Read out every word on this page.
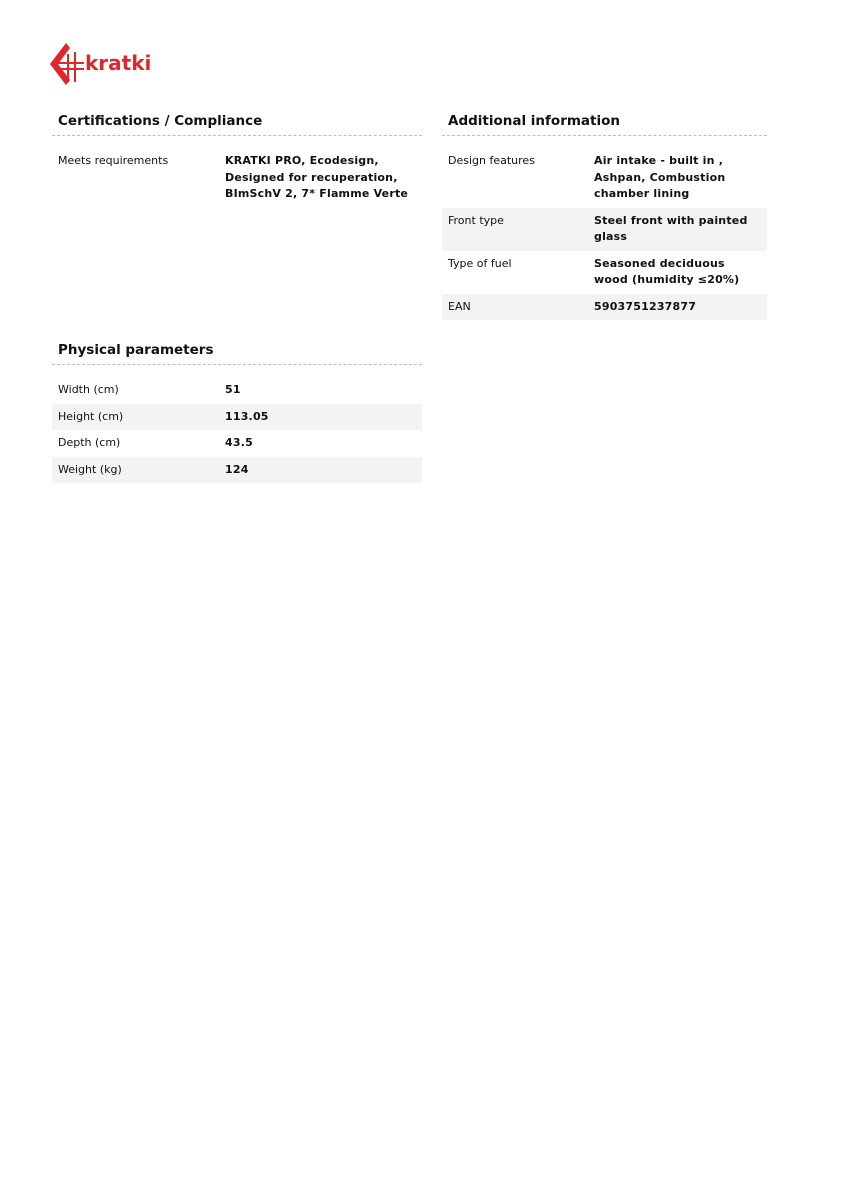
kratki
Certifications / Compliance
Meets requirements	KRATKI PRO, Ecodesign, Designed for recuperation, BImSchV 2, 7* Flamme Verte
Additional information
Design features	Air intake - built in , Ashpan, Combustion chamber lining
Front type	Steel front with painted glass
Type of fuel	Seasoned deciduous wood (humidity ≤20%)
EAN	5903751237877
Physical parameters
Width (cm)	51
Height (cm)	113.05
Depth (cm)	43.5
Weight (kg)	124
